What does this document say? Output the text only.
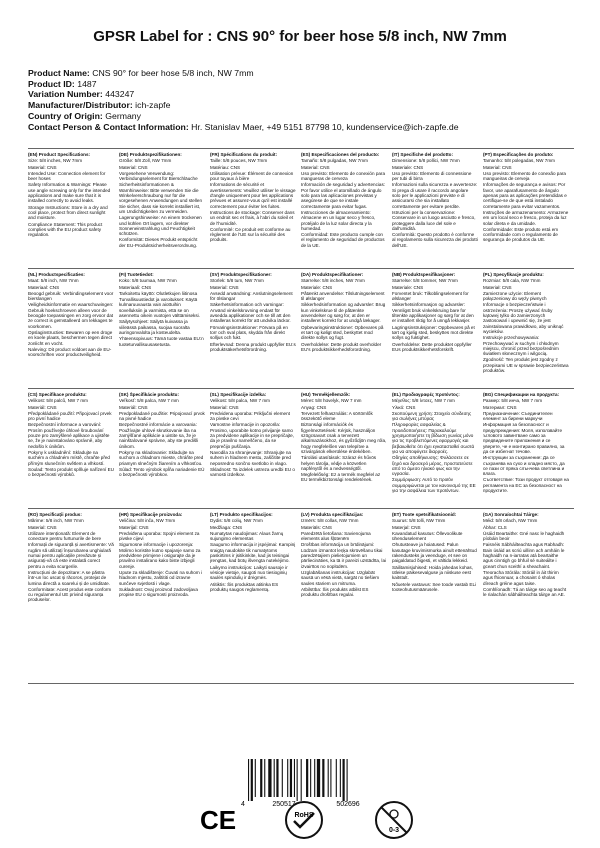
GPSR Label for : CNS 90° for beer hose 5/8 inch, NW 7mm
Product Name: CNS 90° for beer hose 5/8 inch, NW 7mm
Product ID: 1487
Variation Number: 443247
Manufacturer/Distributor: ich-zapfe
Country of Origin: Germany
Contact Person & Contact Information: Hr. Stanislav Maer, +49 5151 87798 10, kundenservice@ich-zapfe.de
(EN) Product Specifications:

Size: 5/8 inches, NW 7mm

Material: CNS

Intended Use: Connection element for beer hoses

Safety Information & Warnings: Please use angle screwing only for the intended applications and make sure that it is installed correctly to avoid leaks.

Storage Instructions: Store in a dry and cool place, protect from direct sunlight and moisture.

Compliance Statement: This product complies with the EU product safety regulation.

(DE) Produktspezifikationen:

Größe: 5/8 Zoll, NW 7mm

Material: CNS

Vorgesehene Verwendung: Verbindungselement für Bierschläuche

Sicherheitsinformationen & Warnhinweise: Bitte verwenden Sie die Winkelverschraubung nur für die vorgesehenen Anwendungen und stellen Sie sicher, dass sie korrekt installiert ist, um Undichtigkeiten zu vermeiden.

Lagerungshinweise: An einem trockenen und kühlen Ort lagern, vor direkter Sonneneinstrahlung und Feuchtigkeit schützen.

Konformität: Dieses Produkt entspricht der EU-Produktsicherheitsverordnung.

(FR) Spécifications du produit:

Taille: 5/8 pouces, NW 7mm

Matériau: CNS

Utilisation prévue: Élément de connexion pour tuyaux à bière

Informations de sécurité et avertissements: Veuillez utiliser le vissage d'angle uniquement pour les applications prévues et assurez-vous qu'il est installé correctement pour éviter les fuites.

Instructions de stockage: Conserver dans un endroit sec et frais, à l'abri du soleil et de l'humidité.

Conformité: Ce produit est conforme au règlement de l'UE sur la sécurité des produits.

(ES) Especificaciones del producto:

Tamaño: 5/8 pulgadas, NW 7mm

Material: CNS

Uso previsto: Elemento de conexión para mangueras de cerveza

Información de seguridad y advertencias: Por favor utilice el atornillado de ángulo solo para las aplicaciones previstas y asegúrese de que se instale correctamente para evitar fugas.

Instrucciones de almacenamiento: Almacene en un lugar seco y fresco, protéjalo de la luz solar directa y la humedad.

Conformidad: Este producto cumple con el reglamento de seguridad de productos de la UE.

(IT) Specifiche del prodotto:

Dimensione: 5/8 pollici, NW 7mm

Materiale: CNS

Uso previsto: Elemento di connessione per tubi di birra

Informazioni sulla sicurezza e avvertenze: Si prega di usare il raccordo angolare solo per le applicazioni previste e di assicurarsi che sia installato correttamente per evitare perdite.

Istruzioni per la conservazione: Conservare in un luogo asciutto e fresco, proteggere dalla luce del sole e dall'umidità.

Conformità: Questo prodotto è conforme al regolamento sulla sicurezza dei prodotti dell'UE.

(PT) Especificações do produto:

Tamanho: 5/8 polegadas, NW 7mm

Material: CNS

Uso previsto: Elemento de conexão para mangueiras de cerveja

Informações de segurança e avisos: Por favor, use aparafusamento de ângulo apenas para as aplicações pretendidas e certifique-se de que está instalado corretamente para evitar vazamentos.

Instruções de armazenamento: Armazene em um local seco e fresco, proteja da luz solar direta e da umidade.

Conformidade: Este produto está em conformidade com o regulamento de segurança de produtos da UE.

(NL) Productspecificaties:

Maat: 5/8 inch, NW 7mm

Materiaal: CNS

Beoogd gebruik: Verbindingselement voor bierslangen

Veiligheidsinformatie en waarschuwingen: Gebruik hoekschroeven alleen voor de beoogde toepassingen en zorg ervoor dat ze correct is geïnstalleerd om lekkages te voorkomen.

Opslaginstructies: Bewaren op een droge en koele plaats, beschermen tegen direct zonlicht en vocht.

Naleving: Dit product voldoet aan de EU-voorschriften voor productveiligheid.

(FI) Tuotetiedot:

Koko: 5/8 tuumaa, NW 7mm

Materiaali: CNS

Tarkoitettu käyttö: Olutletkujen liitinosa

Turvallisuustiedot ja varoitukset: Käytä kulmaruuvausta vain aiottuihin sovelluksiin ja varmista, että se on asennettu oikein vuotojen välttämiseksi.

Säilytysohjeet: Säilytä kuivassa ja viileässä paikassa, suojaa suoralta auringonvalolta ja kosteudelta.

Yhteensopivuus: Tämä tuote vastaa EU:n tuoteturvallisuusasetusta.

(SV) Produktspecifikationer:

Storlek: 5/8 tum, NW 7mm

Material: CNS

Avsedd användning: Anslutningselement för ölslangar

Säkerhetsinformation och varningar: Använd vinkelskruvning endast för avsedda applikationer och se till att den installeras korrekt för att undvika läckor.

Förvaringsinstruktioner: Förvara på en torr och sval plats, skydda från direkt solljus och fukt.

Efterlevnad: Denna produkt uppfyller EU:s produktsäkerhetsförordning.

(DA) Produktspecifikationer:

Størrelse: 5/8 inches, NW 7mm

Materiale: CNS

Påtænkt anvendelse: Tilslutningselement til ølslanger

Sikkerhedsinformation og advarsler: Brug kun vinkelskrue til de påtænkte anvendelser og sørg for, at den er installeret korrekt for at undgå lækager.

Opbevaringsinstruktioner: Opbevares på et tørt og køligt sted, beskyttet mod direkte sollys og fugt.

Overholdelse: Dette produkt overholder EU's produktsikkerhedsforordning.

(NB) Produktspesifikasjoner:

Størrelse: 5/8 tommer, NW 7mm

Materiale: CNS

Forventet bruk: Tilkoblingselement for ølslanger

Sikkerhetsinformasjon og advarsler: Vennligst bruk vinkelskruing bare for tiltenkte applikasjoner og sørg for at den er installert riktig for å unngå lekkasjer.

Lagringsinstruksjoner: Oppbevares på et tørt og kjølig sted, beskyttes mot direkte sollys og fuktighet.

Overholdelse: Dette produktet oppfyller EUs produktsikkerhetsforskrift.

(PL) Specyfikacje produktu:

Rozmiar: 5/8 cala, NW 7mm

Materiał: CNS

Zamierzone użycie: Element połączeniowy do węży piwnych

Informacje o bezpieczeństwie i ostrzeżenia: Proszę używać śruby kątowej tylko do zamierzonych zastosowań i upewnić się, że jest zainstalowana prawidłowo, aby uniknąć wycieków.

Instrukcje przechowywania: Przechowywać w suchym i chłodnym miejscu, chronić przed bezpośrednim światłem słonecznym i wilgocią.

Zgodność: Ten produkt jest zgodny z przepisami UE w sprawie bezpieczeństwa produktów.

(CS) Specifikace produktu:

Velikost: 5/8 palců, NW 7 mm

Materiál: CNS

Předpokládané použití: Připojovací prvek pro pivní hadice

Bezpečnostní informace a varování: Prosím používejte úhlové šroubování pouze pro zamýšlené aplikace a ujistěte se, že je nainstalováno správně, aby nedošlo k únikům.

Pokyny k uskladnění: Skladujte na suchém a chladném místě, chraňte před přímým slunečním světlem a vlhkostí.

Soulad: Tento produkt splňuje nařízení EU o bezpečnosti výrobků.

(SK) Špecifikácie produktu:

Veľkosť: 5/8 palca, NW 7 mm

Materiál: CNS

Predpokladané použitie: Pripojovací prvok na pivné hadice

Bezpečnostné informácie a varovania: Používajte uhlové skrutkovanie iba na zamýšľané aplikácie a uistite sa, že je nainštalované správne, aby ste predišli únikom.

Pokyny na skladovanie: Skladujte na suchom a chladnom mieste, chráňte pred priamym slnečným žiarením a vlhkosťou.

Súlad: Tento výrobok spĺňa nariadenie EÚ o bezpečnosti výrobkov.

(SL) Specifikacije izdelka:

Velikost: 5/8 palca, NW 7 mm

Material: CNS

Predvidena uporaba: Priključni element za pivske cevi

Varnostne informacije in opozorila: Prosimo, uporabite kotno privijanje samo za predvidene aplikacije in se prepričajte, da je pravilno nameščeno, da se preprečijo puščanja.

Navodila za shranjevanje: Shranjujte na suhem in hladnem mestu, zaščitite pred neposredno sončno svetlobo in vlago.

Skladnost: Ta izdelek ustreza uredbi EU o varnosti izdelkov.

(HU) Termékjellemzők:

Méret: 5/8 hüvelyk, NW 7 mm

Anyag: CNS

Tervezett felhasználás: A sörtömlők összekötő eleme

Biztonsági információk és figyelmeztetések: Kérjük, használjon szögcsavart csak a tervezett alkalmazásokhoz, és győződjön meg róla, hogy megfelelően van telepítve a szivárgások elkerülése érdekében.

Tárolási utasítások: Száraz és hűvös helyen tárolja, védje a közvetlen napfénytől és a nedvességtől.

Megfelelőség: Ez a termék megfelel az EU termékbiztonsági rendeletének.

(EL) Προδιαγραφές προϊόντος:

Μέγεθος: 5/8 ίντσες, NW 7 mm

Υλικό: CNS

Σκοπούμενη χρήση: Στοιχείο σύνδεσης για σωλήνες μπύρας

Πληροφορίες ασφαλείας & προειδοποιήσεις: Παρακαλούμε χρησιμοποιήστε τη βίδωση γωνίας μόνο για τις προβλεπόμενες εφαρμογές και βεβαιωθείτε ότι έχει εγκατασταθεί σωστά για να αποφύγετε διαρροές.

Οδηγίες αποθήκευσης: Φυλάσσετε σε ξηρό και δροσερό μέρος, προστατεύστε από το άμεσο ηλιακό φως και την υγρασία.

Συμμόρφωση: Αυτό το προϊόν συμμορφώνεται με τον κανονισμό της ΕΕ για την ασφάλεια των προϊόντων.

(BG) Спецификации на продукта:

Размер: 5/8 инча, NW 7 mm

Материал: CNS

Предназначение: Съединителен елемент за бирени маркучи

Информация за безопасност и предупреждения: Моля, използвайте ъгловото завинтване само за предвидените приложения и се уверете, че е монтирано правилно, за да се избегнат течове.

Инструкции за съхранение: Да се съхранява на сухо и хладно място, да се пази от пряка слънчева светлина и влага.

Съответствие: Този продукт отговаря на регламента на ЕС за безопасност на продуктите.

(RO) Specificații produs:

Mărime: 5/8 inch, NW 7mm

Material: CNS

Utilizare intenționată: Element de conectare pentru furtunurile de bere

Informații de siguranță și avertismente: Vă rugăm să utilizați înșurubarea unghiulară numai pentru aplicațiile prevăzute și asigurați-vă că este instalată corect pentru a evita scurgerile.

Instrucțiuni de depozitare: A se păstra într-un loc uscat și răcoros, protejat de lumina directă a soarelui și de umiditate.

Conformitate: Acest produs este conform cu regulamentul UE privind siguranța produselor.

(HR) Specifikacije proizvoda:

Veličina: 5/8 inča, NW 7mm

Materijal: CNS

Predviđena uporaba: Spojni element za pivske cijevi

Sigurnosne informacije i upozorenja: Molimo koristite kutno spajanje samo za predviđene primjene i osigurajte da je pravilno instalirano kako biste izbjegli curenje.

Upute za skladištenje: Čuvati na suhom i hladnom mjestu, zaštititi od izravne sunčeve svjetlosti i vlage.

Sukladnost: Ovaj proizvod zadovoljava propise EU o sigurnosti proizvoda.

(LT) Produkto specifikacijos:

Dydis: 5/8 colių, NW 7mm

Medžiaga: CNS

Numatytas naudojimas: Alaus žarnų sujungimo elementas

Saugumo informacija ir įspėjimai: Kampinį sraigtą naudokite tik numatytoms paskirtims ir įsitikinkite, kad jis teisingai įrengtas, kad būtų išvengta nutekėjimo.

Laikymo instrukcijos: Laikyti sausoje ir vėsioje vietoje, saugoti nuo tiesioginių saulės spindulių ir drėgmės.

Atitiktis: Šis produktas atitinka ES produktų saugos reglamentą.

(LV) Produkta specifikācijas:

Izmērs: 5/8 collas, NW 7mm

Materiāls: CNS

Paredzētā lietošana: Savienojuma elements alus šļūtenēm

Drošības informācija un brīdinājumi: Lūdzam izmantot leņķa skrūvēšanu tikai paredzētajiem pielietojumiem un pārliecināties, ka tā ir pareizi uzstādīta, lai izvairītos no noplūdēm.

Uzglabāšanas instrukcijas: Uzglabāt sausā un vēsā vietā, sargāt no tiešiem saules stariem un mitruma.

Atbilstība: Šis produkts atbilst ES produktu drošības regulai.

(ET) Toote spetsifikatsioonid:

Suurus: 5/8 tolli, NW 7mm

Materjal: CNS

Kavandatud kasutus: Õllevoolikute ühenduselement

Ohutusteave ja hoiatused: Palun kasutage kruvimismurka ainult ettenähtud rakendusteks ja veenduge, et see on paigaldatud õigesti, et vältida lekkeid.

Säilitamisjuhised: Hoida jahedas kohas, ütleise päikesevalguse ja niiskuse eest kaitstult.

Nõuetele vastavus: See toode vastab ELi tooteohutusmäärusele.

(GA) Sonraíochtaí Táirge:

Méid: 5/8 orlach, NW 7mm

Ábhar: CLS

Úsáid Beartaithe: Gné nasc le haghaidh píobáin beoir

Faisnéis Sábháilteachta agus Rabhadh: Bain úsáid as scriú uillinn ach amháin le haghaidh na n-iarratas atá beartaithe agus cinntigh go bhfuil sé suiteáilte i gceart chun sceithí a sheachaint.

Treoracha Stórála: Stóráil in áit thirim agus fhionnuar, a chosaint ó sholas díreach gréine agus taise.

Comhlíonadh: Tá an táirge seo ag teacht le rialachán sábháilteachta táirge an AE.

4	250517	502696
CE	RoHS
0-3
